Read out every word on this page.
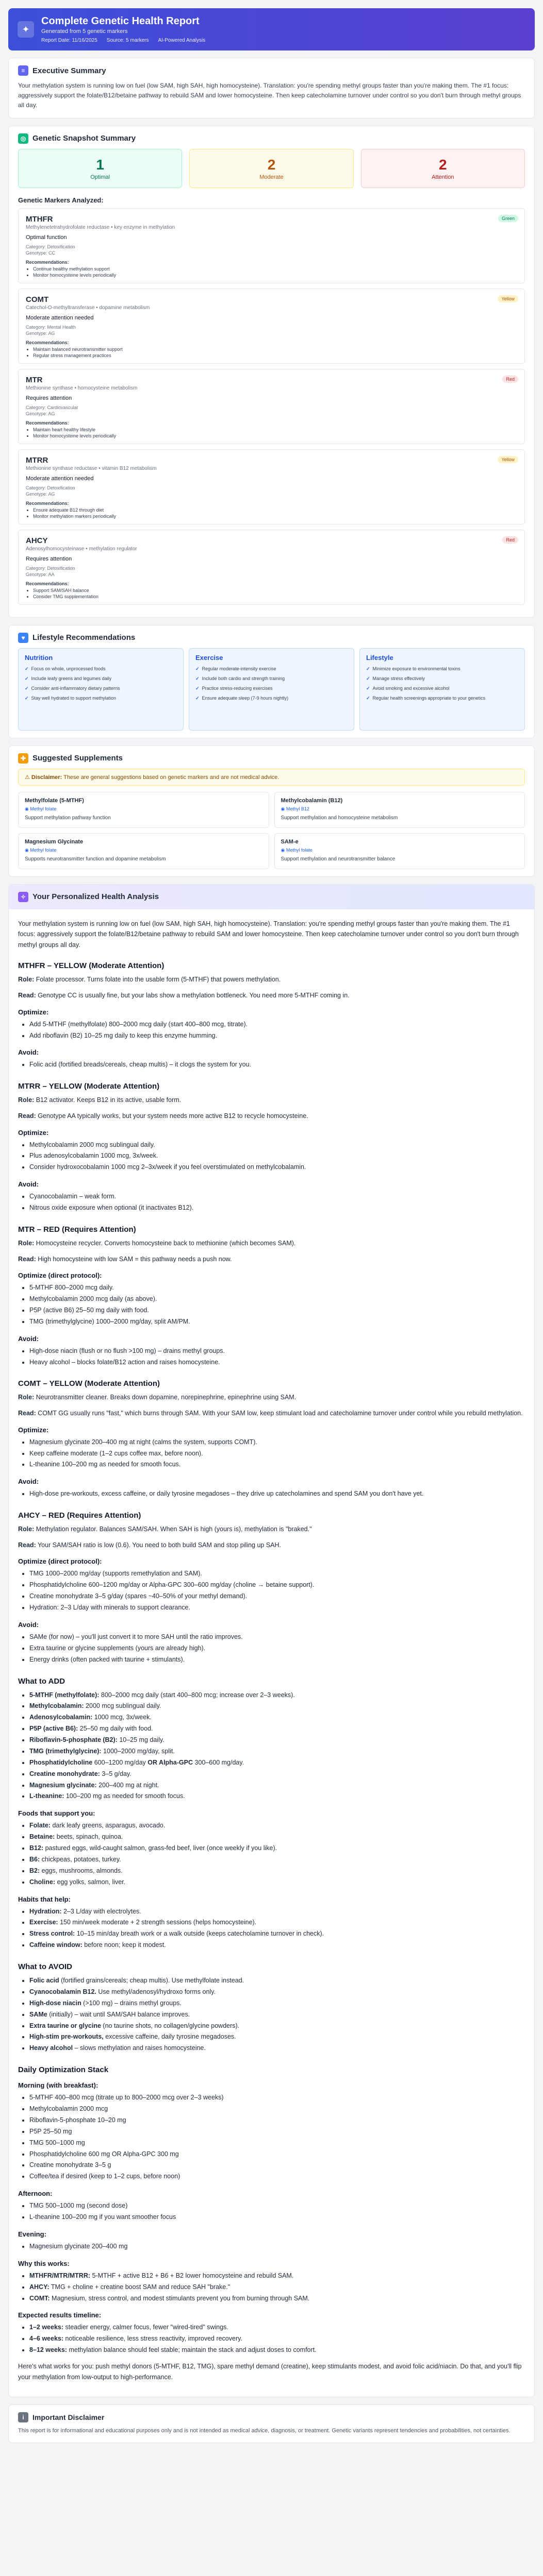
✦
Complete Genetic Health Report
Generated from 5 genetic markers
Report Date: 11/16/2025 Source: 5 markers AI-Powered Analysis
≡ Executive Summary

Your methylation system is running low on fuel (low SAM, high SAH, high homocysteine). Translation: you're spending methyl groups faster than you're making them. The #1 focus: aggressively support the folate/B12/betaine pathway to rebuild SAM and lower homocysteine. Then keep catecholamine turnover under control so you don't burn through methyl groups all day.

◎ Genetic Snapshot Summary
1
Optimal
2
Moderate
2
Attention
Genetic Markers Analyzed:
MTHFR
Methylenetetrahydrofolate reductase • key enzyme in methylation
Green
Optimal function
Category: Detoxification
Genotype: CC
Recommendations:
• Continue healthy methylation support
• Monitor homocysteine levels periodically
COMT
Catechol-O-methyltransferase • dopamine metabolism
Yellow
Moderate attention needed
Category: Mental Health
Genotype: AG
Recommendations:
• Maintain balanced neurotransmitter support
• Regular stress management practices
MTR
Methionine synthase • homocysteine metabolism
Red
Requires attention
Category: Cardiovascular
Genotype: AG
Recommendations:
• Maintain heart healthy lifestyle
• Monitor homocysteine levels periodically
MTRR
Methionine synthase reductase • vitamin B12 metabolism
Yellow
Moderate attention needed
Category: Detoxification
Genotype: AG
Recommendations:
• Ensure adequate B12 through diet
• Monitor methylation markers periodically
AHCY
Adenosylhomocysteinase • methylation regulator
Red
Requires attention
Category: Detoxification
Genotype: AA
Recommendations:
• Support SAM/SAH balance
• Consider TMG supplementation
♥ Lifestyle Recommendations
Nutrition
✓ Focus on whole, unprocessed foods
✓ Include leafy greens and legumes daily
✓ Consider anti-inflammatory dietary patterns
✓ Stay well hydrated to support methylation
Exercise
✓ Regular moderate-intensity exercise
✓ Include both cardio and strength training
✓ Practice stress-reducing exercises
✓ Ensure adequate sleep (7-9 hours nightly)
Lifestyle
✓ Minimize exposure to environmental toxins
✓ Manage stress effectively
✓ Avoid smoking and excessive alcohol
✓ Regular health screenings appropriate to your genetics
✚ Suggested Supplements
⚠ Disclaimer: These are general suggestions based on genetic markers and are not medical advice.
Methylfolate (5-MTHF)
◉ Methyl folate
Support methylation pathway function
Methylcobalamin (B12)
◉ Methyl B12
Support methylation and homocysteine metabolism
Magnesium Glycinate
◉ Methyl folate
Supports neurotransmitter function and dopamine metabolism
SAM-e
◉ Methyl folate
Support methylation and neurotransmitter balance
✧ Your Personalized Health Analysis

Your methylation system is running low on fuel (low SAM, high SAH, high homocysteine). Translation: you're spending methyl groups faster than you're making them. The #1 focus: aggressively support the folate/B12/betaine pathway to rebuild SAM and lower homocysteine. Then keep catecholamine turnover under control so you don't burn through methyl groups all day.

MTHFR – YELLOW (Moderate Attention)

Role: Folate processor. Turns folate into the usable form (5-MTHF) that powers methylation.

Read: Genotype CC is usually fine, but your labs show a methylation bottleneck. You need more 5-MTHF coming in.

Optimize:
• Add 5-MTHF (methylfolate) 800–2000 mcg daily (start 400–800 mcg, titrate).
• Add riboflavin (B2) 10–25 mg daily to keep this enzyme humming.
Avoid:
• Folic acid (fortified breads/cereals, cheap multis) – it clogs the system for you.
MTRR – YELLOW (Moderate Attention)

Role: B12 activator. Keeps B12 in its active, usable form.

Read: Genotype AA typically works, but your system needs more active B12 to recycle homocysteine.

Optimize:
• Methylcobalamin 2000 mcg sublingual daily.
• Plus adenosylcobalamin 1000 mcg, 3x/week.
• Consider hydroxocobalamin 1000 mcg 2–3x/week if you feel overstimulated on methylcobalamin.
Avoid:
• Cyanocobalamin – weak form.
• Nitrous oxide exposure when optional (it inactivates B12).
MTR – RED (Requires Attention)

Role: Homocysteine recycler. Converts homocysteine back to methionine (which becomes SAM).

Read: High homocysteine with low SAM = this pathway needs a push now.

Optimize (direct protocol):
• 5-MTHF 800–2000 mcg daily.
• Methylcobalamin 2000 mcg daily (as above).
• P5P (active B6) 25–50 mg daily with food.
• TMG (trimethylglycine) 1000–2000 mg/day, split AM/PM.
Avoid:
• High-dose niacin (flush or no flush >100 mg) – drains methyl groups.
• Heavy alcohol – blocks folate/B12 action and raises homocysteine.
COMT – YELLOW (Moderate Attention)

Role: Neurotransmitter cleaner. Breaks down dopamine, norepinephrine, epinephrine using SAM.

Read: COMT GG usually runs "fast," which burns through SAM. With your SAM low, keep stimulant load and catecholamine turnover under control while you rebuild methylation.

Optimize:
• Magnesium glycinate 200–400 mg at night (calms the system, supports COMT).
• Keep caffeine moderate (1–2 cups coffee max, before noon).
• L-theanine 100–200 mg as needed for smooth focus.
Avoid:
• High-dose pre-workouts, excess caffeine, or daily tyrosine megadoses – they drive up catecholamines and spend SAM you don't have yet.
AHCY – RED (Requires Attention)

Role: Methylation regulator. Balances SAM/SAH. When SAH is high (yours is), methylation is "braked."

Read: Your SAM/SAH ratio is low (0.6). You need to both build SAM and stop piling up SAH.

Optimize (direct protocol):
• TMG 1000–2000 mg/day (supports remethylation and SAM).
• Phosphatidylcholine 600–1200 mg/day or Alpha-GPC 300–600 mg/day (choline → betaine support).
• Creatine monohydrate 3–5 g/day (spares ~40–50% of your methyl demand).
• Hydration: 2–3 L/day with minerals to support clearance.
Avoid:
• SAMe (for now) – you'll just convert it to more SAH until the ratio improves.
• Extra taurine or glycine supplements (yours are already high).
• Energy drinks (often packed with taurine + stimulants).
What to ADD
• 5-MTHF (methylfolate): 800–2000 mcg daily (start 400–800 mcg; increase over 2–3 weeks).
• Methylcobalamin: 2000 mcg sublingual daily.
• Adenosylcobalamin: 1000 mcg, 3x/week.
• P5P (active B6): 25–50 mg daily with food.
• Riboflavin-5-phosphate (B2): 10–25 mg daily.
• TMG (trimethylglycine): 1000–2000 mg/day, split.
• Phosphatidylcholine 600–1200 mg/day OR Alpha-GPC 300–600 mg/day.
• Creatine monohydrate: 3–5 g/day.
• Magnesium glycinate: 200–400 mg at night.
• L-theanine: 100–200 mg as needed for smooth focus.
Foods that support you:
• Folate: dark leafy greens, asparagus, avocado.
• Betaine: beets, spinach, quinoa.
• B12: pastured eggs, wild-caught salmon, grass-fed beef, liver (once weekly if you like).
• B6: chickpeas, potatoes, turkey.
• B2: eggs, mushrooms, almonds.
• Choline: egg yolks, salmon, liver.
Habits that help:
• Hydration: 2–3 L/day with electrolytes.
• Exercise: 150 min/week moderate + 2 strength sessions (helps homocysteine).
• Stress control: 10–15 min/day breath work or a walk outside (keeps catecholamine turnover in check).
• Caffeine window: before noon; keep it modest.
What to AVOID
• Folic acid (fortified grains/cereals; cheap multis). Use methylfolate instead.
• Cyanocobalamin B12. Use methyl/adenosyl/hydroxo forms only.
• High-dose niacin (>100 mg) – drains methyl groups.
• SAMe (initially) – wait until SAM/SAH balance improves.
• Extra taurine or glycine (no taurine shots, no collagen/glycine powders).
• High-stim pre-workouts, excessive caffeine, daily tyrosine megadoses.
• Heavy alcohol – slows methylation and raises homocysteine.
Daily Optimization Stack
Morning (with breakfast):
• 5-MTHF 400–800 mcg (titrate up to 800–2000 mcg over 2–3 weeks)
• Methylcobalamin 2000 mcg
• Riboflavin-5-phosphate 10–20 mg
• P5P 25–50 mg
• TMG 500–1000 mg
• Phosphatidylcholine 600 mg OR Alpha-GPC 300 mg
• Creatine monohydrate 3–5 g
• Coffee/tea if desired (keep to 1–2 cups, before noon)
Afternoon:
• TMG 500–1000 mg (second dose)
• L-theanine 100–200 mg if you want smoother focus
Evening:
• Magnesium glycinate 200–400 mg
Why this works:
• MTHFR/MTR/MTRR: 5-MTHF + active B12 + B6 + B2 lower homocysteine and rebuild SAM.
• AHCY: TMG + choline + creatine boost SAM and reduce SAH "brake."
• COMT: Magnesium, stress control, and modest stimulants prevent you from burning through SAM.
Expected results timeline:
• 1–2 weeks: steadier energy, calmer focus, fewer "wired-tired" swings.
• 4–6 weeks: noticeable resilience, less stress reactivity, improved recovery.
• 8–12 weeks: methylation balance should feel stable; maintain the stack and adjust doses to comfort.

Here's what works for you: push methyl donors (5-MTHF, B12, TMG), spare methyl demand (creatine), keep stimulants modest, and avoid folic acid/niacin. Do that, and you'll flip your methylation from low-output to high-performance.

i	Important Disclaimer

This report is for informational and educational purposes only and is not intended as medical advice, diagnosis, or treatment. Genetic variants represent tendencies and probabilities, not certainties.
